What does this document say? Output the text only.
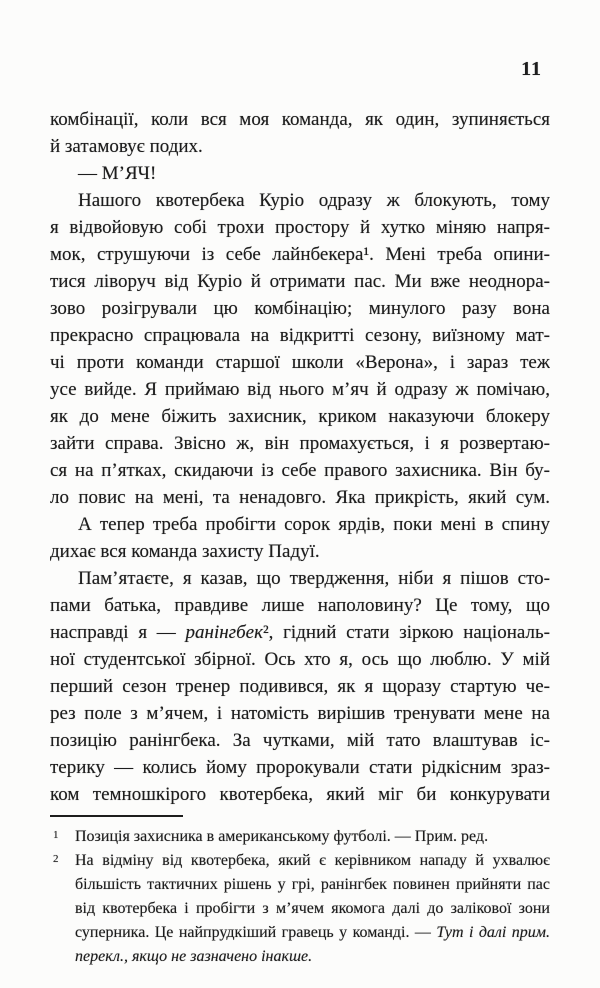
11
комбінації, коли вся моя команда, як один, зупиняється
й затамовує подих.
— М’ЯЧ!
Нашого квотербека Куріо одразу ж блокують, тому
я відвойовую собі трохи простору й хутко міняю напря-
мок, струшуючи із себе лайнбекера¹. Мені треба опини-
тися ліворуч від Куріо й отримати пас. Ми вже неоднора-
зово розігрували цю комбінацію; минулого разу вона
прекрасно спрацювала на відкритті сезону, виїзному мат-
чі проти команди старшої школи «Верона», і зараз теж
усе вийде. Я приймаю від нього м’яч й одразу ж помічаю,
як до мене біжить захисник, криком наказуючи блокеру
зайти справа. Звісно ж, він промахується, і я розвертаю-
ся на п’ятках, скидаючи із себе правого захисника. Він бу-
ло повис на мені, та ненадовго. Яка прикрість, який сум.
А тепер треба пробігти сорок ярдів, поки мені в спину
дихає вся команда захисту Падуї.
Пам’ятаєте, я казав, що твердження, ніби я пішов сто-
пами батька, правдиве лише наполовину? Це тому, що
насправді я — ранінгбек², гідний стати зіркою національ-
ної студентської збірної. Ось хто я, ось що люблю. У мій
перший сезон тренер подивився, як я щоразу стартую че-
рез поле з м’ячем, і натомість вирішив тренувати мене на
позицію ранінгбека. За чутками, мій тато влаштував іс-
терику — колись йому пророкували стати рідкісним зраз-
ком темношкірого квотербека, який міг би конкурувати
1 Позиція захисника в американському футболі. — Прим. ред.
2 На відміну від квотербека, який є керівником нападу й ухвалює
більшість тактичних рішень у грі, ранінгбек повинен прийняти пас
від квотербека і пробігти з м’ячем якомога далі до залікової зони
суперника. Це найпрудкіший гравець у команді. — Тут і далі прим.
перекл., якщо не зазначено інакше.
